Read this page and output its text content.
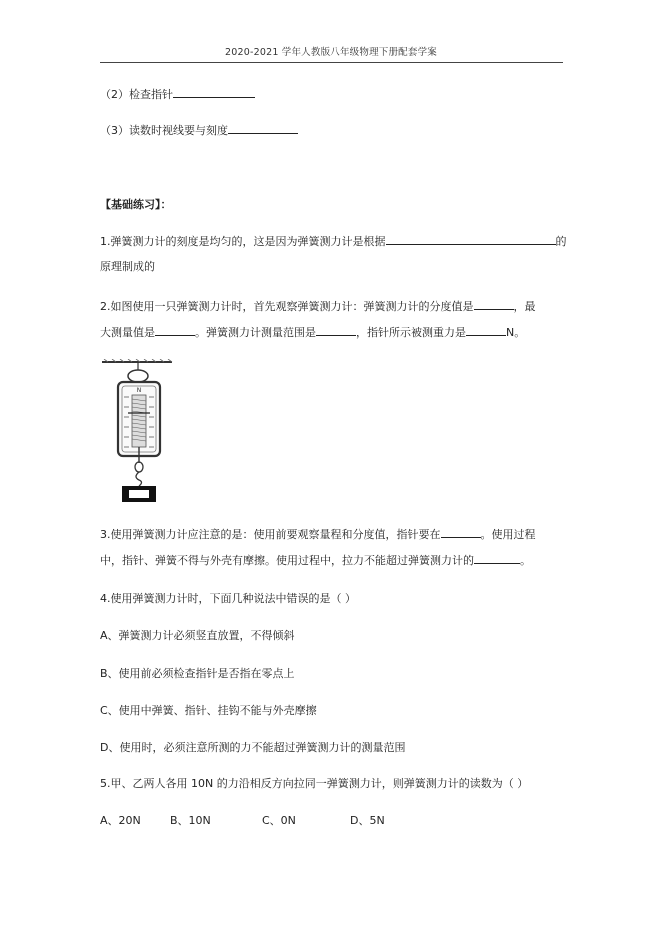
2020-2021 学年人教版八年级物理下册配套学案
（2）检查指针
（3）读数时视线要与刻度
【基础练习】：
1.弹簧测力计的刻度是均匀的，这是因为弹簧测力计是根据	的
原理制成的
2.如图使用一只弹簧测力计时，首先观察弹簧测力计：弹簧测力计的分度值是	，最
大测量值是	。弹簧测力计测量范围是	，指针所示被测重力是	N。
N
3.使用弹簧测力计应注意的是：使用前要观察量程和分度值，指针要在	。使用过程
中，指针、弹簧不得与外壳有摩擦。使用过程中，拉力不能超过弹簧测力计的	。
4.使用弹簧测力计时，下面几种说法中错误的是（ ）
A、弹簧测力计必须竖直放置，不得倾斜
B、使用前必须检查指针是否指在零点上
C、使用中弹簧、指针、挂钩不能与外壳摩擦
D、使用时，必须注意所测的力不能超过弹簧测力计的测量范围
5.甲、乙两人各用 10N 的力沿相反方向拉同一弹簧测力计，则弹簧测力计的读数为（ ）
A、20N	B、10N	C、0N	D、5N
